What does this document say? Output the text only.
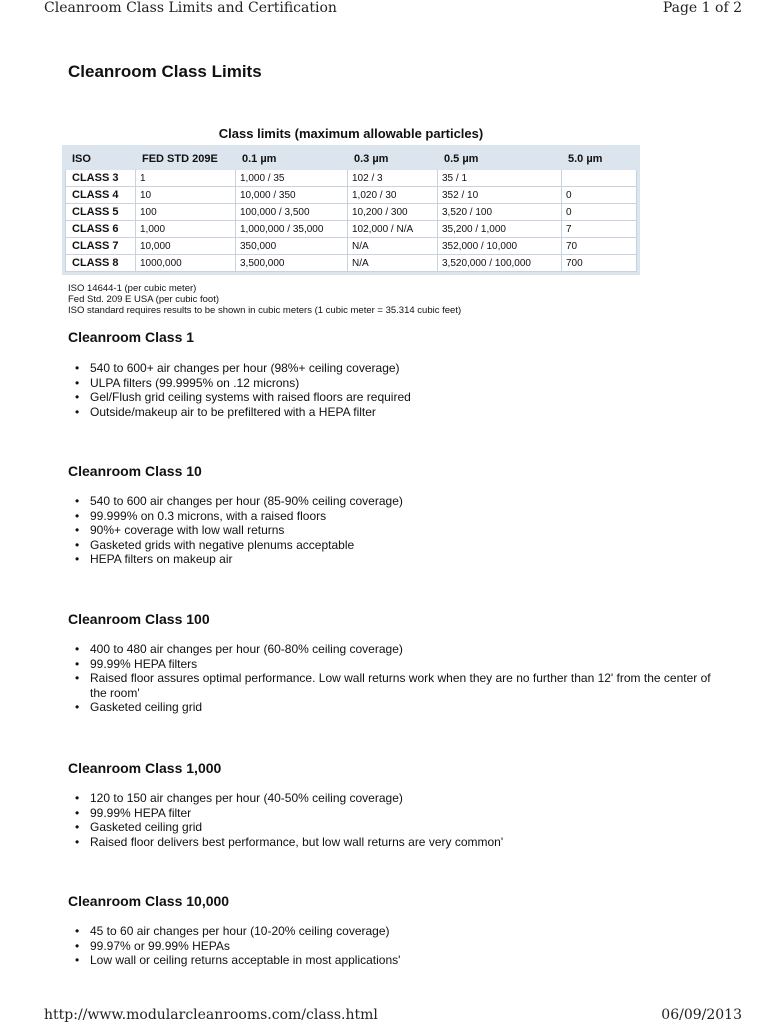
Cleanroom Class Limits and Certification	Page 1 of 2
Cleanroom Class Limits
Class limits (maximum allowable particles)
ISO	FED STD 209E	0.1 µm	0.3 µm	0.5 µm	5.0 µm
CLASS 3	1	1,000 / 35	102 / 3	35 / 1	
CLASS 4	10	10,000 / 350	1,020 / 30	352 / 10	0
CLASS 5	100	100,000 / 3,500	10,200 / 300	3,520 / 100	0
CLASS 6	1,000	1,000,000 / 35,000	102,000 / N/A	35,200 / 1,000	7
CLASS 7	10,000	350,000	N/A	352,000 / 10,000	70
CLASS 8	1000,000	3,500,000	N/A	3,520,000 / 100,000	700
ISO 14644-1 (per cubic meter)
Fed Std. 209 E USA (per cubic foot)
ISO standard requires results to be shown in cubic meters (1 cubic meter = 35.314 cubic feet)
Cleanroom Class 1
• 540 to 600+ air changes per hour (98%+ ceiling coverage)
• ULPA filters (99.9995% on .12 microns)
• Gel/Flush grid ceiling systems with raised floors are required
• Outside/makeup air to be prefiltered with a HEPA filter
Cleanroom Class 10
• 540 to 600 air changes per hour (85-90% ceiling coverage)
• 99.999% on 0.3 microns, with a raised floors
• 90%+ coverage with low wall returns
• Gasketed grids with negative plenums acceptable
• HEPA filters on makeup air
Cleanroom Class 100
• 400 to 480 air changes per hour (60-80% ceiling coverage)
• 99.99% HEPA filters
• Raised floor assures optimal performance. Low wall returns work when they are no further than 12' from the center of the room'
• Gasketed ceiling grid
Cleanroom Class 1,000
• 120 to 150 air changes per hour (40-50% ceiling coverage)
• 99.99% HEPA filter
• Gasketed ceiling grid
• Raised floor delivers best performance, but low wall returns are very common'
Cleanroom Class 10,000
• 45 to 60 air changes per hour (10-20% ceiling coverage)
• 99.97% or 99.99% HEPAs
• Low wall or ceiling returns acceptable in most applications'
http://www.modularcleanrooms.com/class.html	06/09/2013
